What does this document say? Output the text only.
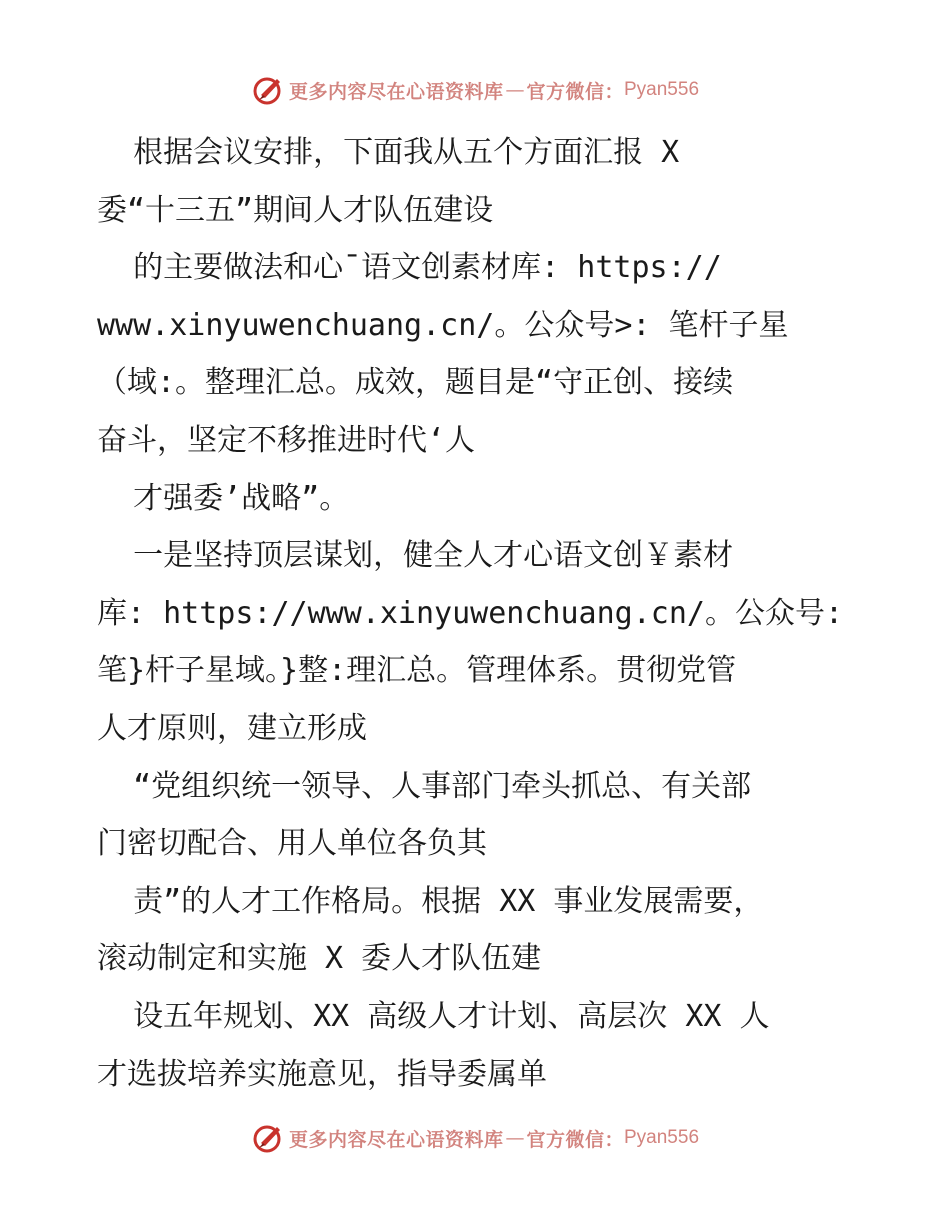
更多内容尽在心语资料库 — 官方微信： Pyan556
根据会议安排，下面我从五个方面汇报 X
委“十三五”期间人才队伍建设
的主要做法和心¯语文创素材库: https://
www.xinyuwenchuang.cn/。公众号>: 笔杆子星
（域:。整理汇总。成效，题目是“守正创、接续
奋斗，坚定不移推进时代‘人
才强委’战略”。
一是坚持顶层谋划，健全人才心语文创￥素材
库: https://www.xinyuwenchuang.cn/。公众号:
笔}杆子星域。}整:理汇总。管理体系。贯彻党管
人才原则，建立形成
“党组织统一领导、人事部门牵头抓总、有关部
门密切配合、用人单位各负其
责”的人才工作格局。根据 XX 事业发展需要，
滚动制定和实施 X 委人才队伍建
设五年规划、XX 高级人才计划、高层次 XX 人
才选拔培养实施意见，指导委属单
更多内容尽在心语资料库 — 官方微信： Pyan556
